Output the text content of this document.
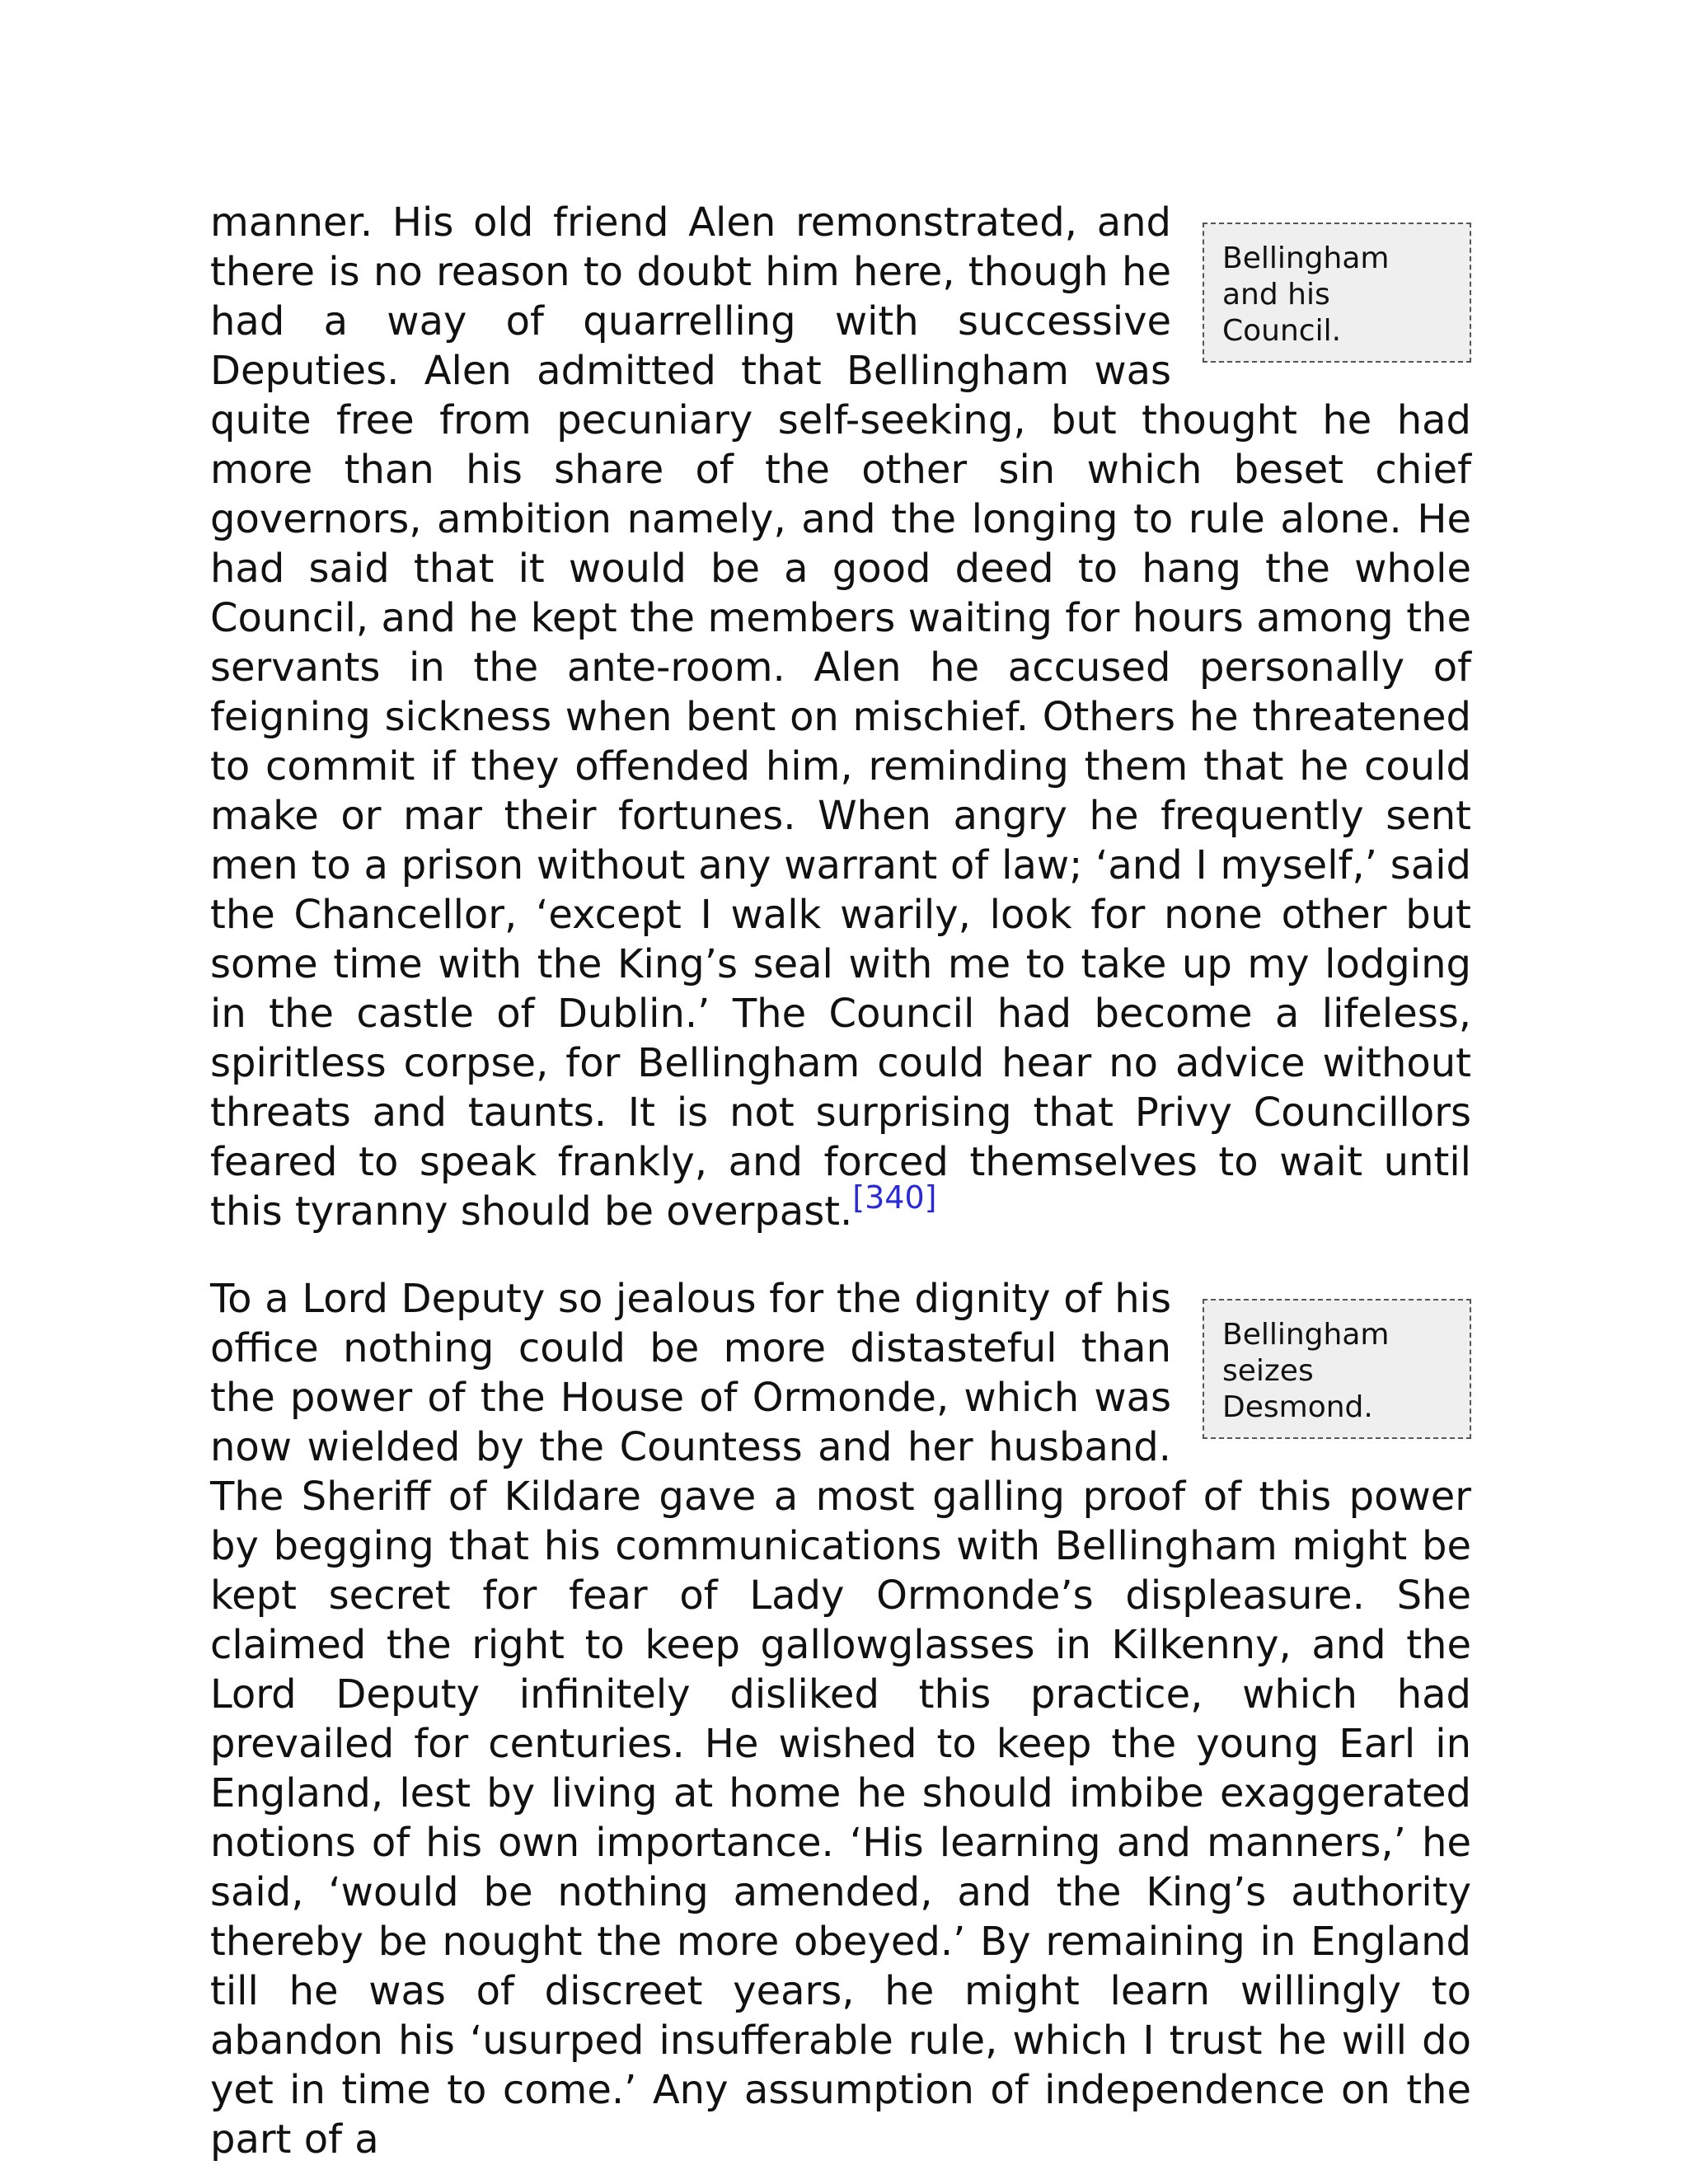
Bellingham and his Council.
manner. His old friend Alen remonstrated, and there is no reason to doubt him here, though he had a way of quarrelling with successive Deputies. Alen admitted that Bellingham was quite free from pecuniary self-seeking, but thought he had more than his share of the other sin which beset chief governors, ambition namely, and the longing to rule alone. He had said that it would be a good deed to hang the whole Council, and he kept the members waiting for hours among the servants in the ante-room. Alen he accused personally of feigning sickness when bent on mischief. Others he threatened to commit if they offended him, reminding them that he could make or mar their fortunes. When angry he frequently sent men to a prison without any warrant of law; ‘and I myself,’ said the Chancellor, ‘except I walk warily, look for none other but some time with the King’s seal with me to take up my lodging in the castle of Dublin.’ The Council had become a lifeless, spiritless corpse, for Bellingham could hear no advice without threats and taunts. It is not surprising that Privy Councillors feared to speak frankly, and forced themselves to wait until this tyranny should be overpast.[340]

Bellingham seizes Desmond.
To a Lord Deputy so jealous for the dignity of his office nothing could be more distasteful than the power of the House of Ormonde, which was now wielded by the Countess and her husband. The Sheriff of Kildare gave a most galling proof of this power by begging that his communications with Bellingham might be kept secret for fear of Lady Ormonde’s displeasure. She claimed the right to keep gallowglasses in Kilkenny, and the Lord Deputy infinitely disliked this practice, which had prevailed for centuries. He wished to keep the young Earl in England, lest by living at home he should imbibe exaggerated notions of his own importance. ‘His learning and manners,’ he said, ‘would be nothing amended, and the King’s authority thereby be nought the more obeyed.’ By remaining in England till he was of discreet years, he might learn willingly to abandon his ‘usurped insufferable rule, which I trust he will do yet in time to come.’ Any assumption of independence on the part of a
